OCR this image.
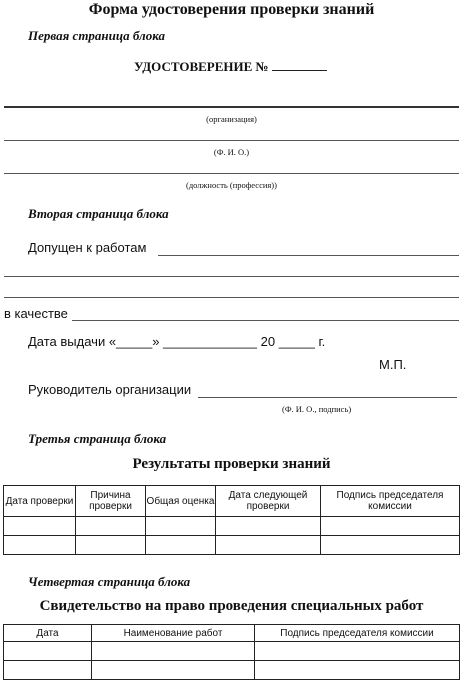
Форма удостоверения проверки знаний
Первая страница блока
УДОСТОВЕРЕНИЕ №
(организация)
(Ф. И. О.)
(должность (профессия))
Вторая страница блока
Допущен к работам
в качестве
Дата выдачи «_____» _____________ 20 _____ г.
М.П.
Руководитель организации
(Ф. И. О., подпись)
Третья страница блока
Результаты проверки знаний
Дата проверки	Причина проверки	Общая оценка	Дата следующей проверки	Подпись председателя комиссии

Четвертая страница блока
Свидетельство на право проведения специальных работ
Дата	Наименование работ	Подпись председателя комиссии
